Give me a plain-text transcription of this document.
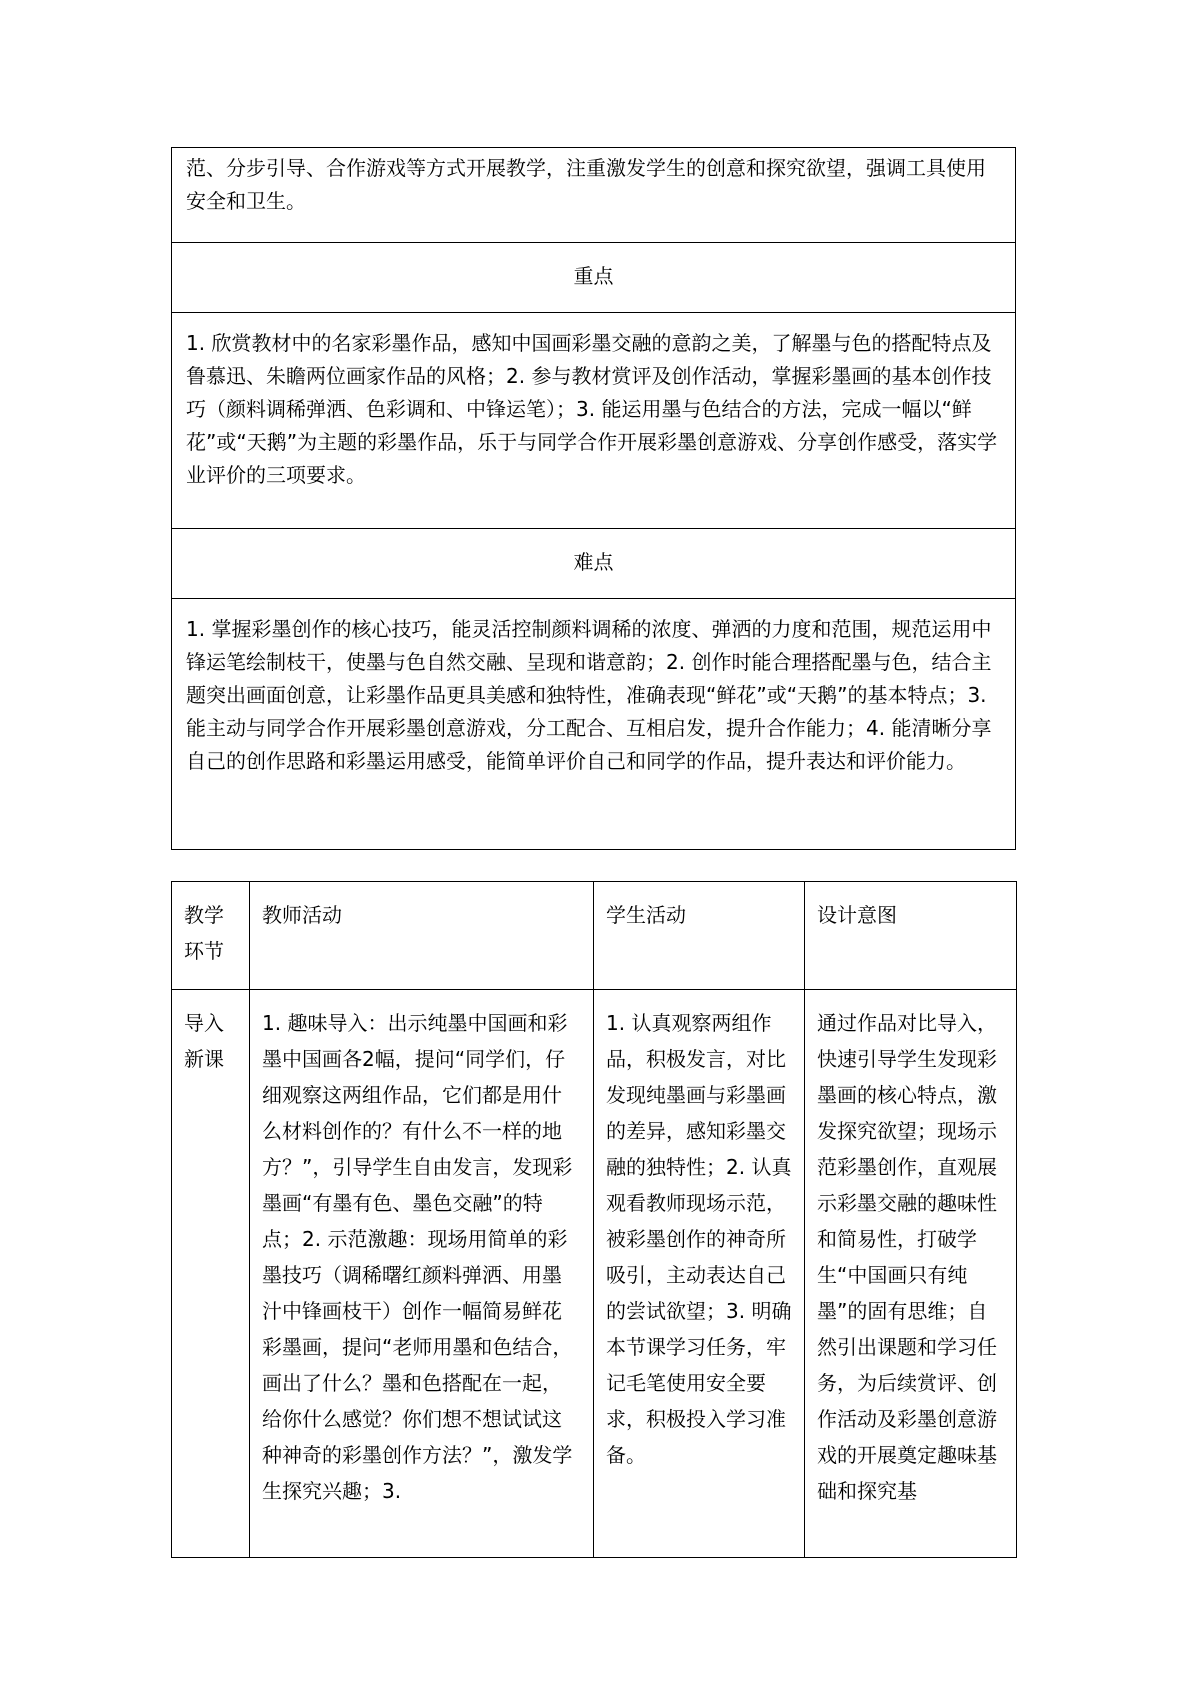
范、分步引导、合作游戏等方式开展教学，注重激发学生的创意和探究欲望，强调工具使用安全和卫生。

重点

1. 欣赏教材中的名家彩墨作品，感知中国画彩墨交融的意韵之美，了解墨与色的搭配特点及鲁慕迅、朱瞻两位画家作品的风格；2. 参与教材赏评及创作活动，掌握彩墨画的基本创作技巧（颜料调稀弹洒、色彩调和、中锋运笔）；3. 能运用墨与色结合的方法，完成一幅以“鲜花”或“天鹅”为主题的彩墨作品，乐于与同学合作开展彩墨创意游戏、分享创作感受，落实学业评价的三项要求。

难点

1. 掌握彩墨创作的核心技巧，能灵活控制颜料调稀的浓度、弹洒的力度和范围，规范运用中锋运笔绘制枝干，使墨与色自然交融、呈现和谐意韵；2. 创作时能合理搭配墨与色，结合主题突出画面创意，让彩墨作品更具美感和独特性，准确表现“鲜花”或“天鹅”的基本特点；3. 能主动与同学合作开展彩墨创意游戏，分工配合、互相启发，提升合作能力；4. 能清晰分享自己的创作思路和彩墨运用感受，能简单评价自己和同学的作品，提升表达和评价能力。
教学
环节	教师活动	学生活动	设计意图

导入
新课	1. 趣味导入：出示纯墨中国画和彩墨中国画各2幅，提问“同学们，仔细观察这两组作品，它们都是用什么材料创作的？有什么不一样的地方？”，引导学生自由发言，发现彩墨画“有墨有色、墨色交融”的特点；2. 示范激趣：现场用简单的彩墨技巧（调稀曙红颜料弹洒、用墨汁中锋画枝干）创作一幅简易鲜花彩墨画，提问“老师用墨和色结合，画出了什么？墨和色搭配在一起，给你什么感觉？你们想不想试试这种神奇的彩墨创作方法？”，激发学生探究兴趣；3.	1. 认真观察两组作品，积极发言，对比发现纯墨画与彩墨画的差异，感知彩墨交融的独特性；2. 认真观看教师现场示范，被彩墨创作的神奇所吸引，主动表达自己的尝试欲望；3. 明确本节课学习任务，牢记毛笔使用安全要求，积极投入学习准备。	通过作品对比导入，快速引导学生发现彩墨画的核心特点，激发探究欲望；现场示范彩墨创作，直观展示彩墨交融的趣味性和简易性，打破学生“中国画只有纯墨”的固有思维；自然引出课题和学习任务，为后续赏评、创作活动及彩墨创意游戏的开展奠定趣味基础和探究基
